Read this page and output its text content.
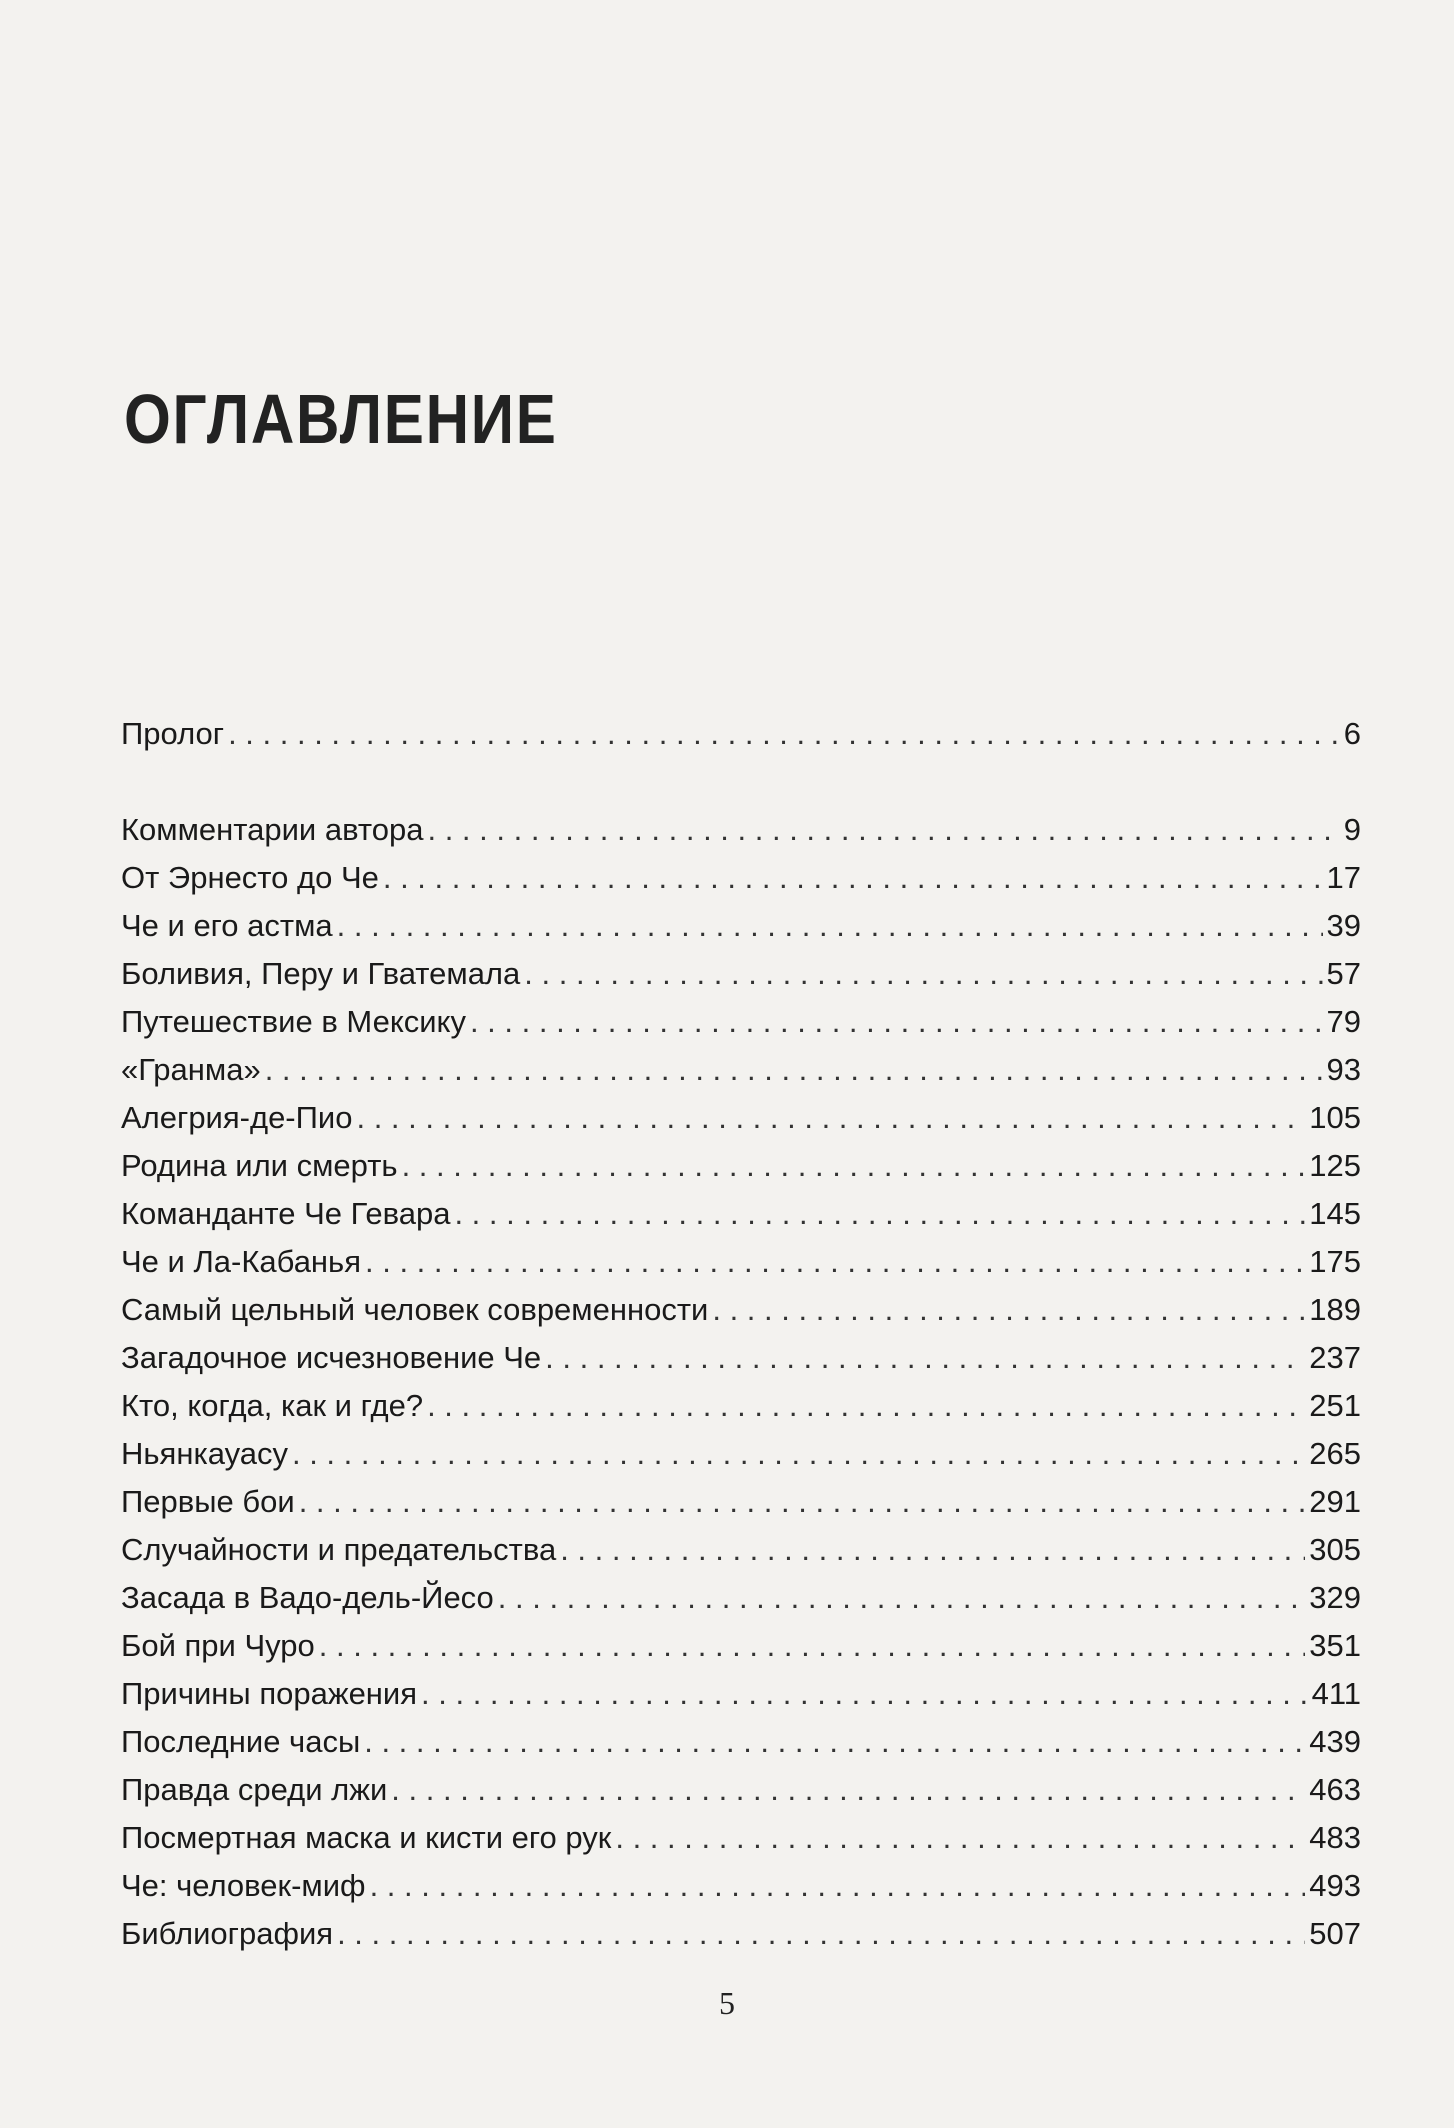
ОГЛАВЛЕНИЕ
Пролог . . .	6
Комментарии автора . . .	9
От Эрнесто до Че . . .	17
Че и его астма . . .	39
Боливия, Перу и Гватемала . . .	57
Путешествие в Мексику . . .	79
«Гранма» . . .	93
Алегрия-де-Пио . . .	105
Родина или смерть . . .	125
Команданте Че Гевара . . .	145
Че и Ла-Кабанья . . .	175
Самый цельный человек современности . . .	189
Загадочное исчезновение Че . . .	237
Кто, когда, как и где? . . .	251
Ньянкауасу . . .	265
Первые бои . . .	291
Случайности и предательства . . .	305
Засада в Вадо-дель-Йесо . . .	329
Бой при Чуро . . .	351
Причины поражения . . .	411
Последние часы . . .	439
Правда среди лжи . . .	463
Посмертная маска и кисти его рук . . .	483
Че: человек-миф . . .	493
Библиография . . .	507
5
